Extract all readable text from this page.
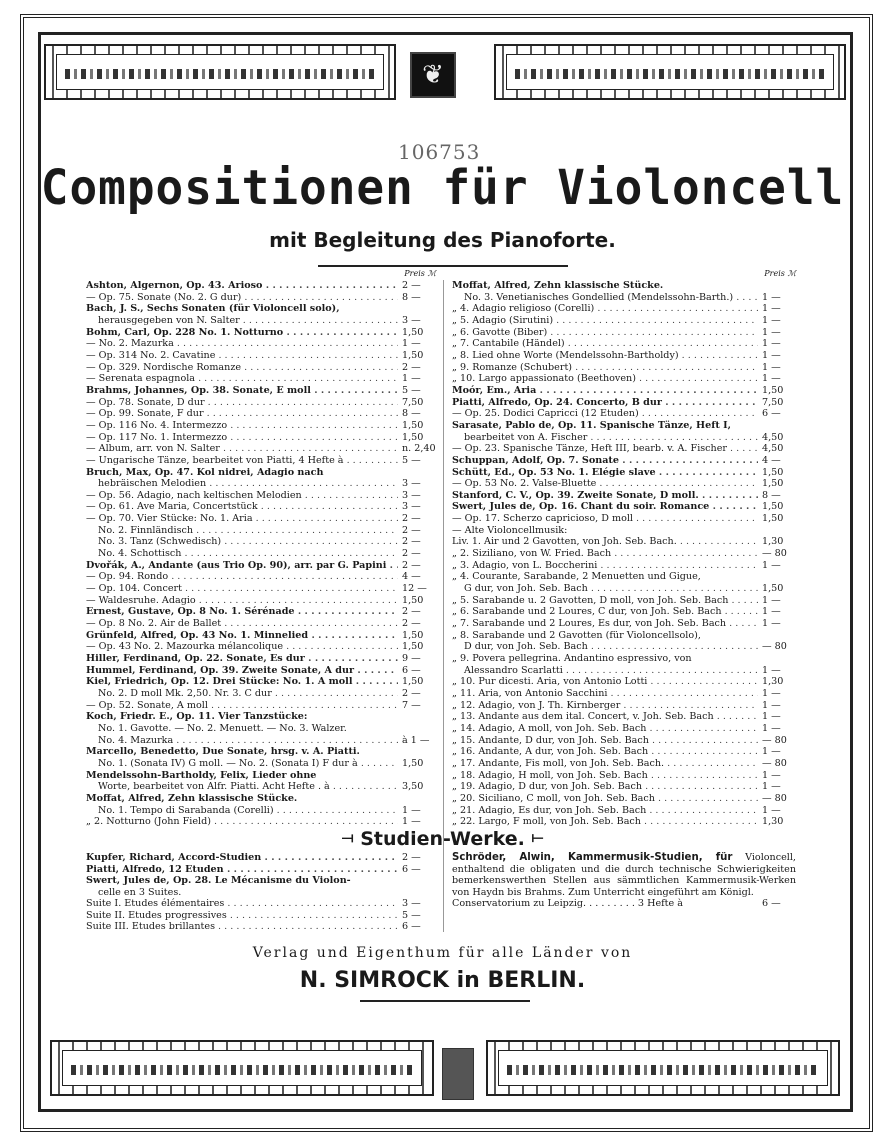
❦
106753
Compositionen für Violoncell
mit Begleitung des Pianoforte.
Preis ℳ
Ashton, Algernon, Op. 43. Arioso . . .	2 —
— Op. 75. Sonate (No. 2. G dur) . . .	8 —
Bach, J. S., Sechs Sonaten (für Violoncell solo),
herausgegeben von N. Salter . . .	3 —
Bohm, Carl, Op. 228 No. 1. Notturno . . .	1,50
— No. 2. Mazurka . . .	1 —
— Op. 314 No. 2. Cavatine . . .	1,50
— Op. 329. Nordische Romanze . . .	2 —
— Serenata espagnola . . .	1 —
Brahms, Johannes, Op. 38. Sonate, E moll . . .	5 —
— Op. 78. Sonate, D dur . . .	7,50
— Op. 99. Sonate, F dur . . .	8 —
— Op. 116 No. 4. Intermezzo . . .	1,50
— Op. 117 No. 1. Intermezzo . . .	1,50
— Album, arr. von N. Salter . . .	n. 2,40
— Ungarische Tänze, bearbeitet von Piatti, 4 Hefte à . . .	5 —
Bruch, Max, Op. 47. Kol nidrei, Adagio nach
hebräischen Melodien . . .	3 —
— Op. 56. Adagio, nach keltischen Melodien . . .	3 —
— Op. 61. Ave Maria, Concertstück . . .	3 —
— Op. 70. Vier Stücke: No. 1. Aria . . .	2 —
No. 2. Finnländisch . . .	2 —
No. 3. Tanz (Schwedisch) . . .	2 —
No. 4. Schottisch . . .	2 —
Dvořák, A., Andante (aus Trio Op. 90), arr. par G. Papini . . .	2 —
— Op. 94. Rondo . . .	4 —
— Op. 104. Concert . . .	12 —
— Waldesruhe. Adagio . . .	1,50
Ernest, Gustave, Op. 8 No. 1. Sérénade . . .	2 —
— Op. 8 No. 2. Air de Ballet . . .	2 —
Grünfeld, Alfred, Op. 43 No. 1. Minnelied . . .	1,50
— Op. 43 No. 2. Mazourka mélancolique . . .	1,50
Hiller, Ferdinand, Op. 22. Sonate, Es dur . . .	9 —
Hummel, Ferdinand, Op. 39. Zweite Sonate, A dur . . .	6 —
Kiel, Friedrich, Op. 12. Drei Stücke: No. 1. A moll . . .	1,50
No. 2. D moll Mk. 2,50. Nr. 3. C dur . . .	2 —
— Op. 52. Sonate, A moll . . .	7 —
Koch, Friedr. E., Op. 11. Vier Tanzstücke:
No. 1. Gavotte. — No. 2. Menuett. — No. 3. Walzer.
No. 4. Mazurka . . .	à 1 —
Marcello, Benedetto, Due Sonate, hrsg. v. A. Piatti.
No. 1. (Sonata IV) G moll. — No. 2. (Sonata I) F dur à . . .	1,50
Mendelssohn-Bartholdy, Felix, Lieder ohne
Worte, bearbeitet von Alfr. Piatti. Acht Hefte . à . . .	3,50
Moffat, Alfred, Zehn klassische Stücke.
No. 1. Tempo di Sarabanda (Corelli) . . .	1 —
„ 2. Notturno (John Field) . . .	1 —
Preis ℳ
Moffat, Alfred, Zehn klassische Stücke.
No. 3. Venetianisches Gondellied (Mendelssohn-Barth.) . . .	1 —
„ 4. Adagio religioso (Corelli) . . .	1 —
„ 5. Adagio (Sirutini) . . .	1 —
„ 6. Gavotte (Biber) . . .	1 —
„ 7. Cantabile (Händel) . . .	1 —
„ 8. Lied ohne Worte (Mendelssohn-Bartholdy) . . .	1 —
„ 9. Romanze (Schubert) . . .	1 —
„ 10. Largo appassionato (Beethoven) . . .	1 —
Moór, Em., Aria . . .	1,50
Piatti, Alfredo, Op. 24. Concerto, B dur . . .	7,50
— Op. 25. Dodici Capricci (12 Etuden) . . .	6 —
Sarasate, Pablo de, Op. 11. Spanische Tänze, Heft I,
bearbeitet von A. Fischer . . .	4,50
— Op. 23. Spanische Tänze, Heft III, bearb. v. A. Fischer . . .	4,50
Schuppan, Adolf, Op. 7. Sonate . . .	4 —
Schütt, Ed., Op. 53 No. 1. Elégie slave . . .	1,50
— Op. 53 No. 2. Valse-Bluette . . .	1,50
Stanford, C. V., Op. 39. Zweite Sonate, D moll. . . .	8 —
Swert, Jules de, Op. 16. Chant du soir. Romance . . .	1,50
— Op. 17. Scherzo capricioso, D moll . . .	1,50
— Alte Violoncellmusik:
Liv. 1. Air und 2 Gavotten, von Joh. Seb. Bach. . . .	1,30
„ 2. Siziliano, von W. Fried. Bach . . .	— 80
„ 3. Adagio, von L. Boccherini . . .	1 —
„ 4. Courante, Sarabande, 2 Menuetten und Gigue,
G dur, von Joh. Seb. Bach . . .	1,50
„ 5. Sarabande u. 2 Gavotten, D moll, von Joh. Seb. Bach . . .	1 —
„ 6. Sarabande und 2 Loures, C dur, von Joh. Seb. Bach . . .	1 —
„ 7. Sarabande und 2 Loures, Es dur, von Joh. Seb. Bach . . .	1 —
„ 8. Sarabande und 2 Gavotten (für Violoncellsolo),
D dur, von Joh. Seb. Bach . . .	— 80
„ 9. Povera pellegrina. Andantino espressivo, von
Alessandro Scarlatti . . .	1 —
„ 10. Pur dicesti. Aria, von Antonio Lotti . . .	1,30
„ 11. Aria, von Antonio Sacchini . . .	1 —
„ 12. Adagio, von J. Th. Kirnberger . . .	1 —
„ 13. Andante aus dem ital. Concert, v. Joh. Seb. Bach . . .	1 —
„ 14. Adagio, A moll, von Joh. Seb. Bach . . .	1 —
„ 15. Andante, D dur, von Joh. Seb. Bach . . .	— 80
„ 16. Andante, A dur, von Joh. Seb. Bach . . .	1 —
„ 17. Andante, Fis moll, von Joh. Seb. Bach. . . .	— 80
„ 18. Adagio, H moll, von Joh. Seb. Bach . . .	1 —
„ 19. Adagio, D dur, von Joh. Seb. Bach . . .	1 —
„ 20. Siciliano, C moll, von Joh. Seb. Bach . . .	— 80
„ 21. Adagio, Es dur, von Joh. Seb. Bach . . .	1 —
„ 22. Largo, F moll, von Joh. Seb. Bach . . .	1,30
⟞ Studien-Werke. ⟝
Kupfer, Richard, Accord-Studien . . .	2 —
Piatti, Alfredo, 12 Etuden . . .	6 —
Swert, Jules de, Op. 28. Le Mécanisme du Violon-
celle en 3 Suites.
Suite I. Etudes élémentaires . . .	3 —
Suite II. Etudes progressives . . .	5 —
Suite III. Etudes brillantes . . .	6 —
Schröder, Alwin, Kammermusik-Studien, für Violoncell, enthaltend die obligaten und die durch technische Schwierigkeiten bemerkenswerthen Stellen aus sämmtlichen Kammermusik-Werken von Haydn bis Brahms. Zum Unterricht eingeführt am Königl.
Conservatorium zu Leipzig. . . . . . . . . 3 Hefte à	6 —
Verlag und Eigenthum für alle Länder von
N. SIMROCK in BERLIN.
